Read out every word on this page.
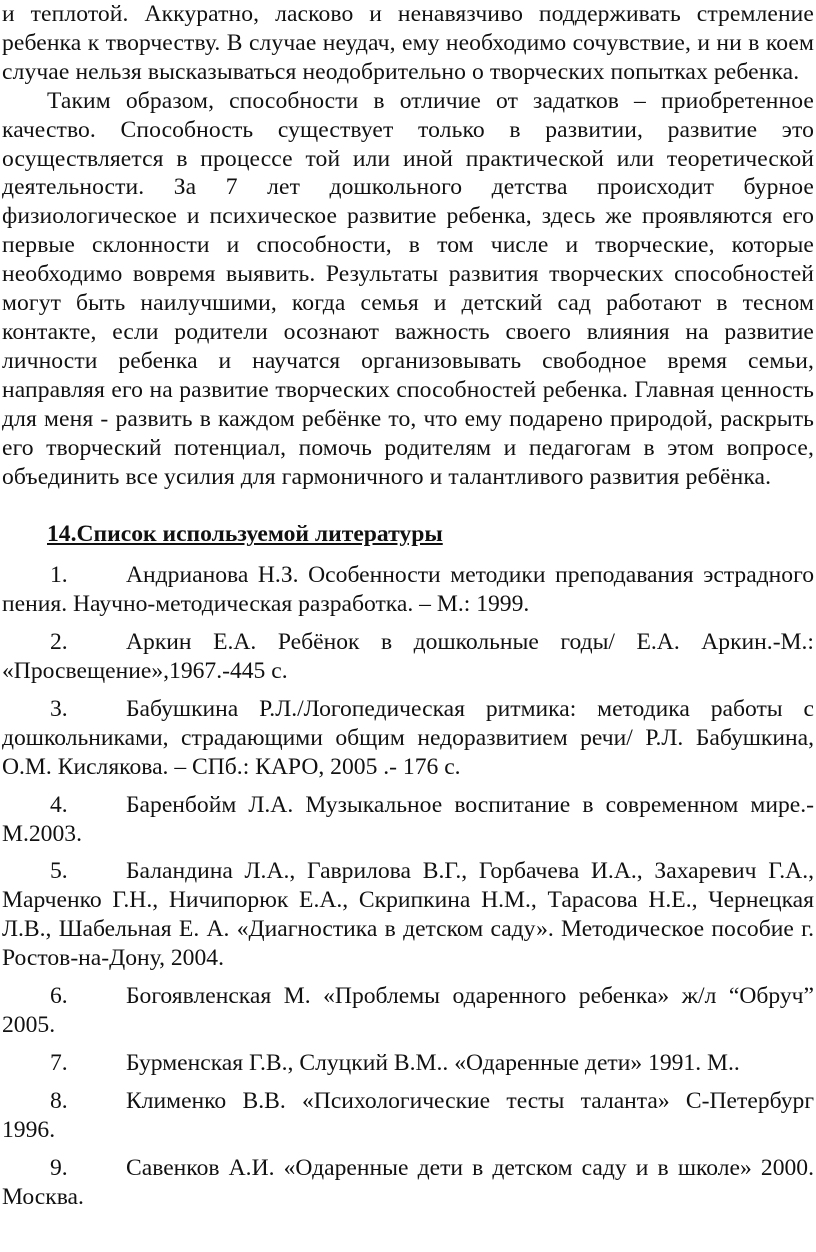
и теплотой. Аккуратно, ласково и ненавязчиво поддерживать стремление ребенка к творчеству. В случае неудач, ему необходимо сочувствие, и ни в коем случае нельзя высказываться неодобрительно о творческих попытках ребенка.

Таким образом, способности в отличие от задатков – приобретенное качество. Способность существует только в развитии, развитие это осуществляется в процессе той или иной практической или теоретической деятельности. За 7 лет дошкольного детства происходит бурное физиологическое и психическое развитие ребенка, здесь же проявляются его первые склонности и способности, в том числе и творческие, которые необходимо вовремя выявить. Результаты развития творческих способностей могут быть наилучшими, когда семья и детский сад работают в тесном контакте, если родители осознают важность своего влияния на развитие личности ребенка и научатся организовывать свободное время семьи, направляя его на развитие творческих способностей ребенка. Главная ценность для меня - развить в каждом ребёнке то, что ему подарено природой, раскрыть его творческий потенциал, помочь родителям и педагогам в этом вопросе, объединить все усилия для гармоничного и талантливого развития ребёнка.

14.Список используемой литературы
1. Андрианова Н.З. Особенности методики преподавания эстрадного пения. Научно-методическая разработка. – М.: 1999.
2. Аркин Е.А. Ребёнок в дошкольные годы/ Е.А. Аркин.-М.: «Просвещение»,1967.-445 с.
3. Бабушкина Р.Л./Логопедическая ритмика: методика работы с дошкольниками, страдающими общим недоразвитием речи/ Р.Л. Бабушкина, О.М. Кислякова. – СПб.: КАРО, 2005 .- 176 с.
4. Баренбойм Л.А. Музыкальное воспитание в современном мире.- М.2003.
5. Баландина Л.А., Гаврилова В.Г., Горбачева И.А., Захаревич Г.А., Марченко Г.Н., Ничипорюк Е.А., Скрипкина Н.М., Тарасова Н.Е., Чернецкая Л.В., Шабельная Е. А. «Диагностика в детском саду». Методическое пособие г. Ростов-на-Дону, 2004.
6. Богоявленская М. «Проблемы одаренного ребенка» ж/л “Обруч” 2005.
7. Бурменская Г.В., Слуцкий В.М.. «Одаренные дети» 1991. М..
8. Клименко В.В. «Психологические тесты таланта» С-Петербург 1996.
9. Савенков А.И. «Одаренные дети в детском саду и в школе» 2000. Москва.
